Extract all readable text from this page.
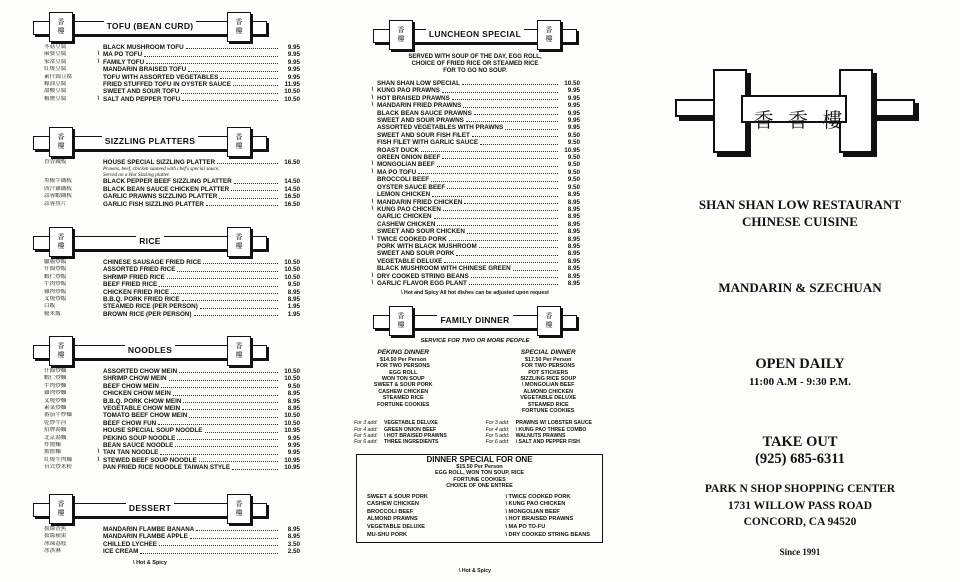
香
樓
香
樓
TOFU (BEAN CURD)
冬菇豆腐	BLACK MUSHROOM TOFU	9.95
麻婆豆腐	\ MA PO TOFU	9.95
家常豆腐	\ FAMILY TOFU	9.95
紅燒豆腐	MANDARIN BRAISED TOFU	9.95
素什錦豆腐	TOFU WITH ASSORTED VEGETABLES	9.95
蠔油豆腐	FRIED STUFFED TOFU IN OYSTER SAUCE	11.95
甜酸豆腐	SWEET AND SOUR TOFU	10.50
椒鹽豆腐	\ SALT AND PEPPER TOFU	10.50
香
樓
香
樓
SIZZLING PLATTERS
香香鐵板	HOUSE SPECIAL SIZZLING PLATTER	16.50
Prawns, beef, chicken sauteed with chef's special sauce,
Served on a Hot Sizzling platter.
黑椒牛鐵板	BLACK PEPPER BEEF SIZZLING PLATTER	14.50
豉汁雞鐵板	BLACK BEAN SAUCE CHICKEN PLATTER	14.50
蒜蓉蝦鐵板	GARLIC PRAWNS SIZZLING PLATTER	16.50
蒜蓉魚片	GARLIC FISH SIZZLING PLATTER	16.50
香
樓
香
樓
RICE
臘腸炒飯	CHINESE SAUSAGE FRIED RICE	10.50
什錦炒飯	ASSORTED FRIED RICE	10.50
蝦仁炒飯	SHRIMP FRIED RICE	10.50
牛肉炒飯	BEEF FRIED RICE	9.50
雞肉炒飯	CHICKEN FRIED RICE	8.95
叉燒炒飯	B.B.Q. PORK FRIED RICE	8.95
白飯	STEAMED RICE (PER PERSON)	1.95
糙米飯	BROWN RICE (PER PERSON)	1.95
香
樓
香
樓
NOODLES
什錦炒麵	ASSORTED CHOW MEIN	10.50
蝦仁炒麵	SHRIMP CHOW MEIN	10.50
牛肉炒麵	BEEF CHOW MEIN	9.50
雞肉炒麵	CHICKEN CHOW MEIN	8.95
叉燒炒麵	B.B.Q. PORK CHOW MEIN	8.95
素菜炒麵	VEGETABLE CHOW MEIN	8.95
番茄牛炒麵	TOMATO BEEF CHOW MEIN	10.50
乾炒牛河	BEEF CHOW FUN	10.50
招牌湯麵	HOUSE SPECIAL SOUP NOODLE	10.95
北京湯麵	PEKING SOUP NOODLE	9.95
炸醬麵	BEAN SAUCE NOODLE	9.95
擔擔麵	\ TAN TAN NOODLE	9.95
紅燒牛肉麵	\ STEWED BEEF SOUP NOODLE	10.95
台式炒米粉	PAN FRIED RICE NOODLE TAIWAN STYLE	10.95
香
樓
香
樓
DESSERT
拔絲香蕉	MANDARIN FLAMBE BANANA	8.95
拔絲蘋果	MANDARIN FLAMBE APPLE	8.95
冰凍荔枝	CHILLED LYCHEE	3.50
冰淇淋	ICE CREAM	2.50
\ Hot & Spicy
香
樓
香
樓
LUNCHEON SPECIAL
SERVED WITH SOUP OF THE DAY, EGG ROLL,
CHOICE OF FRIED RICE OR STEAMED RICE
FOR TO GO NO SOUP.
SHAN SHAN LOW SPECIAL	10.50
\ KUNG PAO PRAWNS	9.95
\ HOT BRAISED PRAWNS	9.95
\ MANDARIN FRIED PRAWNS	9.95
BLACK BEAN SAUCE PRAWNS	9.95
SWEET AND SOUR PRAWNS	9.95
ASSORTED VEGETABLES WITH PRAWNS	9.95
SWEET AND SOUR FISH FILET	9.50
FISH FILET WITH GARLIC SAUCE	9.50
ROAST DUCK	10.95
GREEN ONION BEEF	9.50
\ MONGOLIAN BEEF	9.50
\ MA PO TOFU	9.50
BROCCOLI BEEF	9.50
OYSTER SAUCE BEEF	9.50
LEMON CHICKEN	8.95
\ MANDARIN FRIED CHICKEN	8.95
\ KUNG PAO CHICKEN	8.95
GARLIC CHICKEN	8.95
CASHEW CHICKEN	8.95
SWEET AND SOUR CHICKEN	8.95
\ TWICE COOKED PORK	8.95
PORK WITH BLACK MUSHROOM	8.95
SWEET AND SOUR PORK	8.95
VEGETABLE DELUXE	8.95
BLACK MUSHROOM WITH CHINESE GREEN	8.95
\ DRY COOKED STRING BEANS	8.95
\ GARLIC FLAVOR EGG PLANT	8.95
\ Hot and Spicy All hot dishes can be adjusted upon request
香
樓
香
樓
FAMILY DINNER
SERVICE FOR TWO OR MORE PEOPLE
PEKING DINNER
$14.50 Per Person
FOR TWO PERSONS
EGG ROLL
WON TON SOUP
SWEET & SOUR PORK
CASHEW CHICKEN
STEAMED RICE
FORTUNE COOKIES
SPECIAL DINNER
$17.50 Per Person
FOR TWO PERSONS
POT STICKERS
SIZZLING RICE SOUP
\ MONGOLIAN BEEF
ALMOND CHICKEN
VEGETABLE DELUXE
STEAMED RICE
FORTUNE COOKIES
For 3 add:	VEGETABLE DELUXE
For 4 add:	GREEN ONION BEEF
For 5 add:	\ HOT BRAISED PRAWNS
For 6 add:	THREE INGREDIENTS
For 3 add:	PRAWNS W/ LOBSTER SAUCE
For 4 add:	\ KUNG PAO THREE COMBO
For 5 add:	WALNUTS PRAWNS
For 6 add:	\ SALT AND PEPPER FISH
DINNER SPECIAL FOR ONE
$15.50 Per Person
EGG ROLL, WON TON SOUP, RICE
FORTUNE COOKIES
CHOICE OF ONE ENTREE
SWEET & SOUR PORK
CASHEW CHICKEN
BROCCOLI BEEF
ALMOND PRAWNS
VEGETABLE DELUXE
MU-SHU PORK
\ TWICE COOKED PORK
\ KUNG PAO CHICKEN
\ MONGOLIAN BEEF
\ HOT BRAISED PRAWNS
\ MA PO TO-FU
\ DRY COOKED STRING BEANS
\ Hot & Spicy
香 香 樓
SHAN SHAN LOW RESTAURANT
CHINESE CUISINE
MANDARIN & SZECHUAN
OPEN DAILY
11:00 A.M - 9:30 P.M.
TAKE OUT
(925) 685-6311
PARK N SHOP SHOPPING CENTER
1731 WILLOW PASS ROAD
CONCORD, CA 94520
Since 1991
